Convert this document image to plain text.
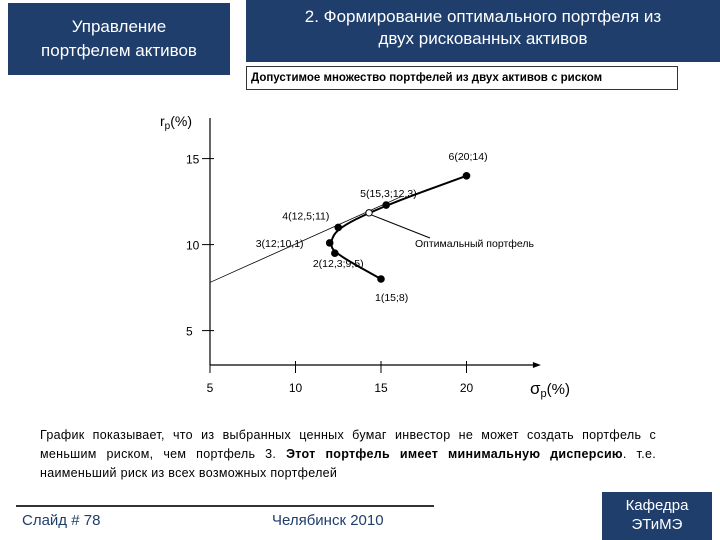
Управление
портфелем активов
2. Формирование оптимального портфеля из
двух рискованных активов
Допустимое множество портфелей из двух активов с риском
$r_p(\%)$
$\sigma_p(\%)$
5
10
15
5	10	15	20
1(15;8)
2(12,3;9,5)
3(12;10,1)
4(12,5;11)
5(15,3;12,3)
6(20;14)
Оптимальный портфель
График показывает, что из выбранных ценных бумаг инвестор не может создать портфель с меньшим риском, чем портфель 3. Этот портфель имеет минимальную дисперсию. т.е. наименьший риск из всех возможных портфелей
Слайд # 78	Челябинск 2010
Кафедра
ЭТиМЭ
